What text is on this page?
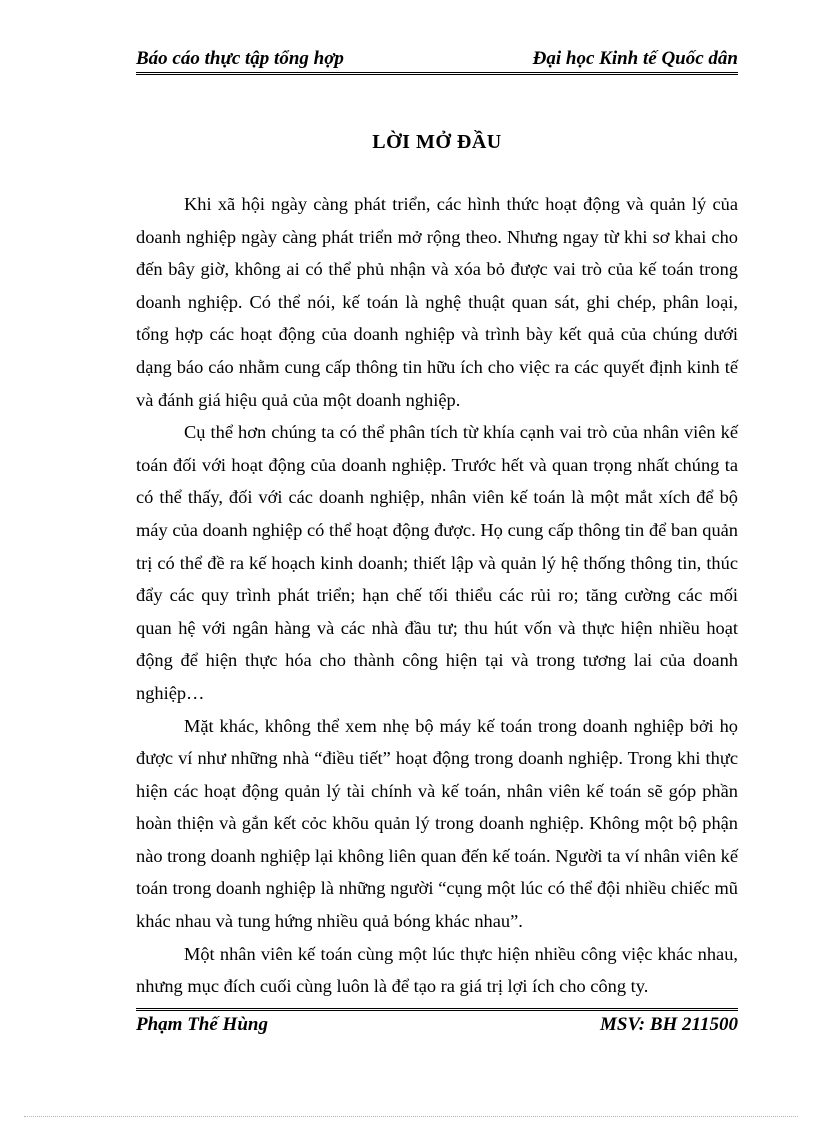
Báo cáo thực tập tổng hợp	Đại học Kinh tế Quốc dân
LỜI MỞ ĐẦU

Khi xã hội ngày càng phát triển, các hình thức hoạt động và quản lý của doanh nghiệp ngày càng phát triển mở rộng theo. Nhưng ngay từ khi sơ khai cho đến bây giờ, không ai có thể phủ nhận và xóa bỏ được vai trò của kế toán trong doanh nghiệp. Có thể nói, kế toán là nghệ thuật quan sát, ghi chép, phân loại, tổng hợp các hoạt động của doanh nghiệp và trình bày kết quả của chúng dưới dạng báo cáo nhằm cung cấp thông tin hữu ích cho việc ra các quyết định kinh tế và đánh giá hiệu quả của một doanh nghiệp.

Cụ thể hơn chúng ta có thể phân tích từ khía cạnh vai trò của nhân viên kế toán đối với hoạt động của doanh nghiệp. Trước hết và quan trọng nhất chúng ta có thể thấy, đối với các doanh nghiệp, nhân viên kế toán là một mắt xích để bộ máy của doanh nghiệp có thể hoạt động được. Họ cung cấp thông tin để ban quản trị có thể đề ra kế hoạch kinh doanh; thiết lập và quản lý hệ thống thông tin, thúc đẩy các quy trình phát triển; hạn chế tối thiểu các rủi ro; tăng cường các mối quan hệ với ngân hàng và các nhà đầu tư; thu hút vốn và thực hiện nhiều hoạt động để hiện thực hóa cho thành công hiện tại và trong tương lai của doanh nghiệp…

Mặt khác, không thể xem nhẹ bộ máy kế toán trong doanh nghiệp bởi họ được ví như những nhà “điều tiết” hoạt động trong doanh nghiệp. Trong khi thực hiện các hoạt động quản lý tài chính và kế toán, nhân viên kế toán sẽ góp phần hoàn thiện và gắn kết cỏc khõu quản lý trong doanh nghiệp. Không một bộ phận nào trong doanh nghiệp lại không liên quan đến kế toán. Người ta ví nhân viên kế toán trong doanh nghiệp là những người “cụng một lúc có thể đội nhiều chiếc mũ khác nhau và tung hứng nhiều quả bóng khác nhau”.

Một nhân viên kế toán cùng một lúc thực hiện nhiều công việc khác nhau, nhưng mục đích cuối cùng luôn là để tạo ra giá trị lợi ích cho công ty.

Phạm Thế Hùng	MSV: BH 211500
